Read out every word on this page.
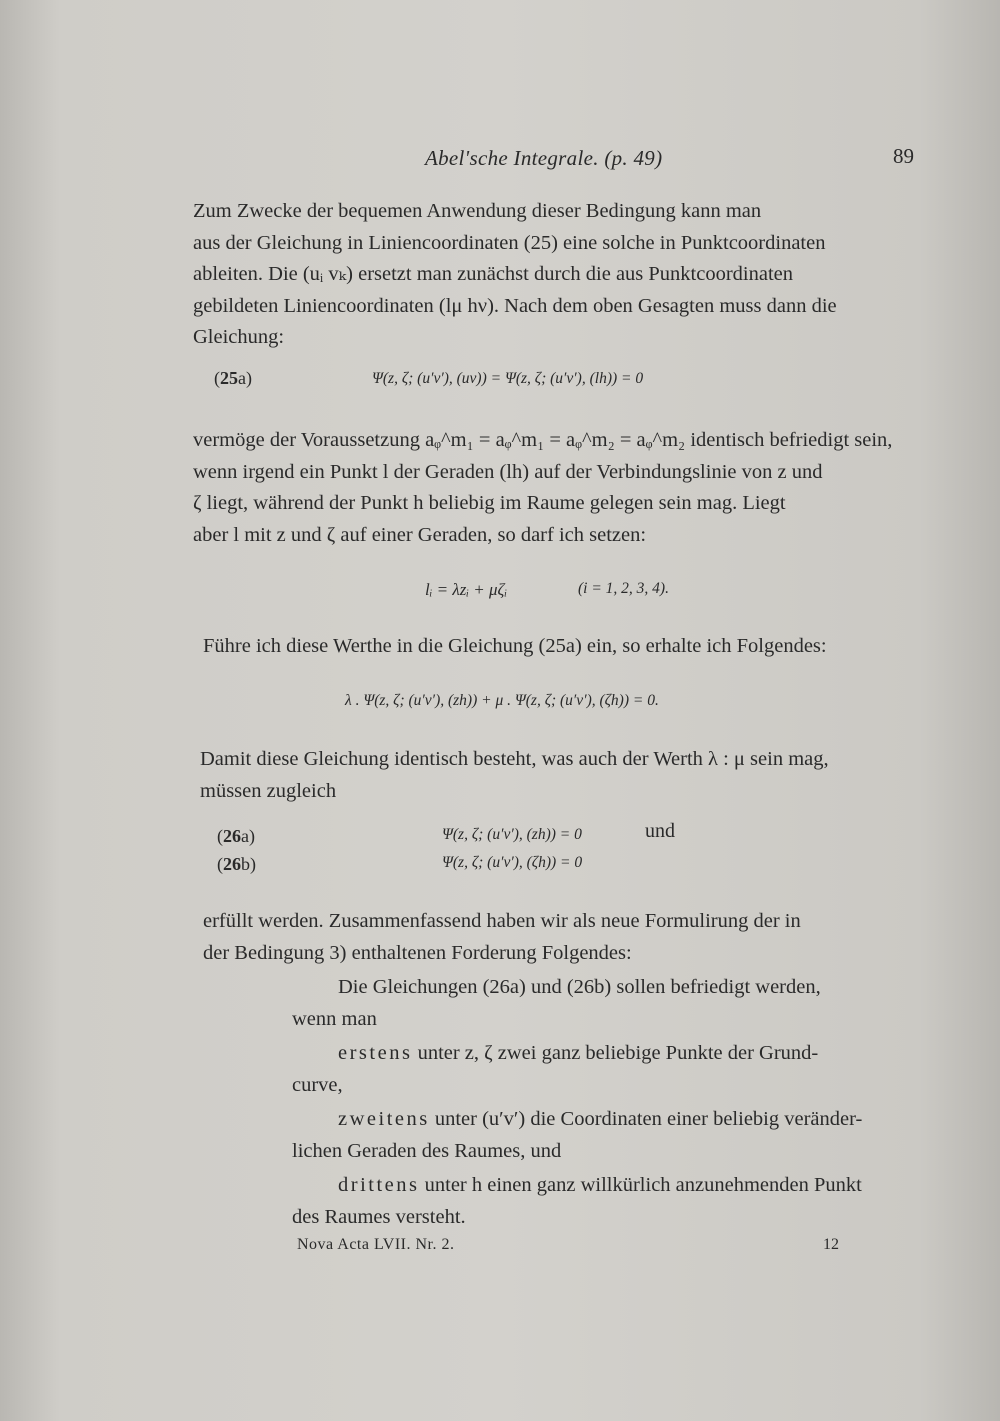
Abel'sche Integrale. (p. 49)	89
Zum Zwecke der bequemen Anwendung dieser Bedingung kann man
aus der Gleichung in Liniencoordinaten (25) eine solche in Punktcoordinaten
ableiten. Die (uᵢ vₖ) ersetzt man zunächst durch die aus Punktcoordinaten
gebildeten Liniencoordinaten (lμ hν). Nach dem oben Gesagten muss dann die
Gleichung:
(25a)	Ψ(z, ζ; (u′v′), (uv)) = Ψ(z, ζ; (u′v′), (lh)) = 0
vermöge der Voraussetzung aᵩ^m₁ = aᵩ^m₁ = aᵩ^m₂ = aᵩ^m₂ identisch befriedigt sein,
wenn irgend ein Punkt l der Geraden (lh) auf der Verbindungslinie von z und
ζ liegt, während der Punkt h beliebig im Raume gelegen sein mag. Liegt
aber l mit z und ζ auf einer Geraden, so darf ich setzen:
lᵢ = λzᵢ + μζᵢ	(i = 1, 2, 3, 4).
Führe ich diese Werthe in die Gleichung (25a) ein, so erhalte ich Folgendes:
λ . Ψ(z, ζ; (u′v′), (zh)) + μ . Ψ(z, ζ; (u′v′), (ζh)) = 0.
Damit diese Gleichung identisch besteht, was auch der Werth λ : μ sein mag,
müssen zugleich
(26a)	Ψ(z, ζ; (u′v′), (zh)) = 0	und
(26b)	Ψ(z, ζ; (u′v′), (ζh)) = 0
erfüllt werden. Zusammenfassend haben wir als neue Formulirung der in
der Bedingung 3) enthaltenen Forderung Folgendes:
Die Gleichungen (26a) und (26b) sollen befriedigt werden,
wenn man
erstens unter z, ζ zwei ganz beliebige Punkte der Grund-
curve,
zweitens unter (u′v′) die Coordinaten einer beliebig veränder-
lichen Geraden des Raumes, und
drittens unter h einen ganz willkürlich anzunehmenden Punkt
des Raumes versteht.
Nova Acta LVII. Nr. 2.	12
